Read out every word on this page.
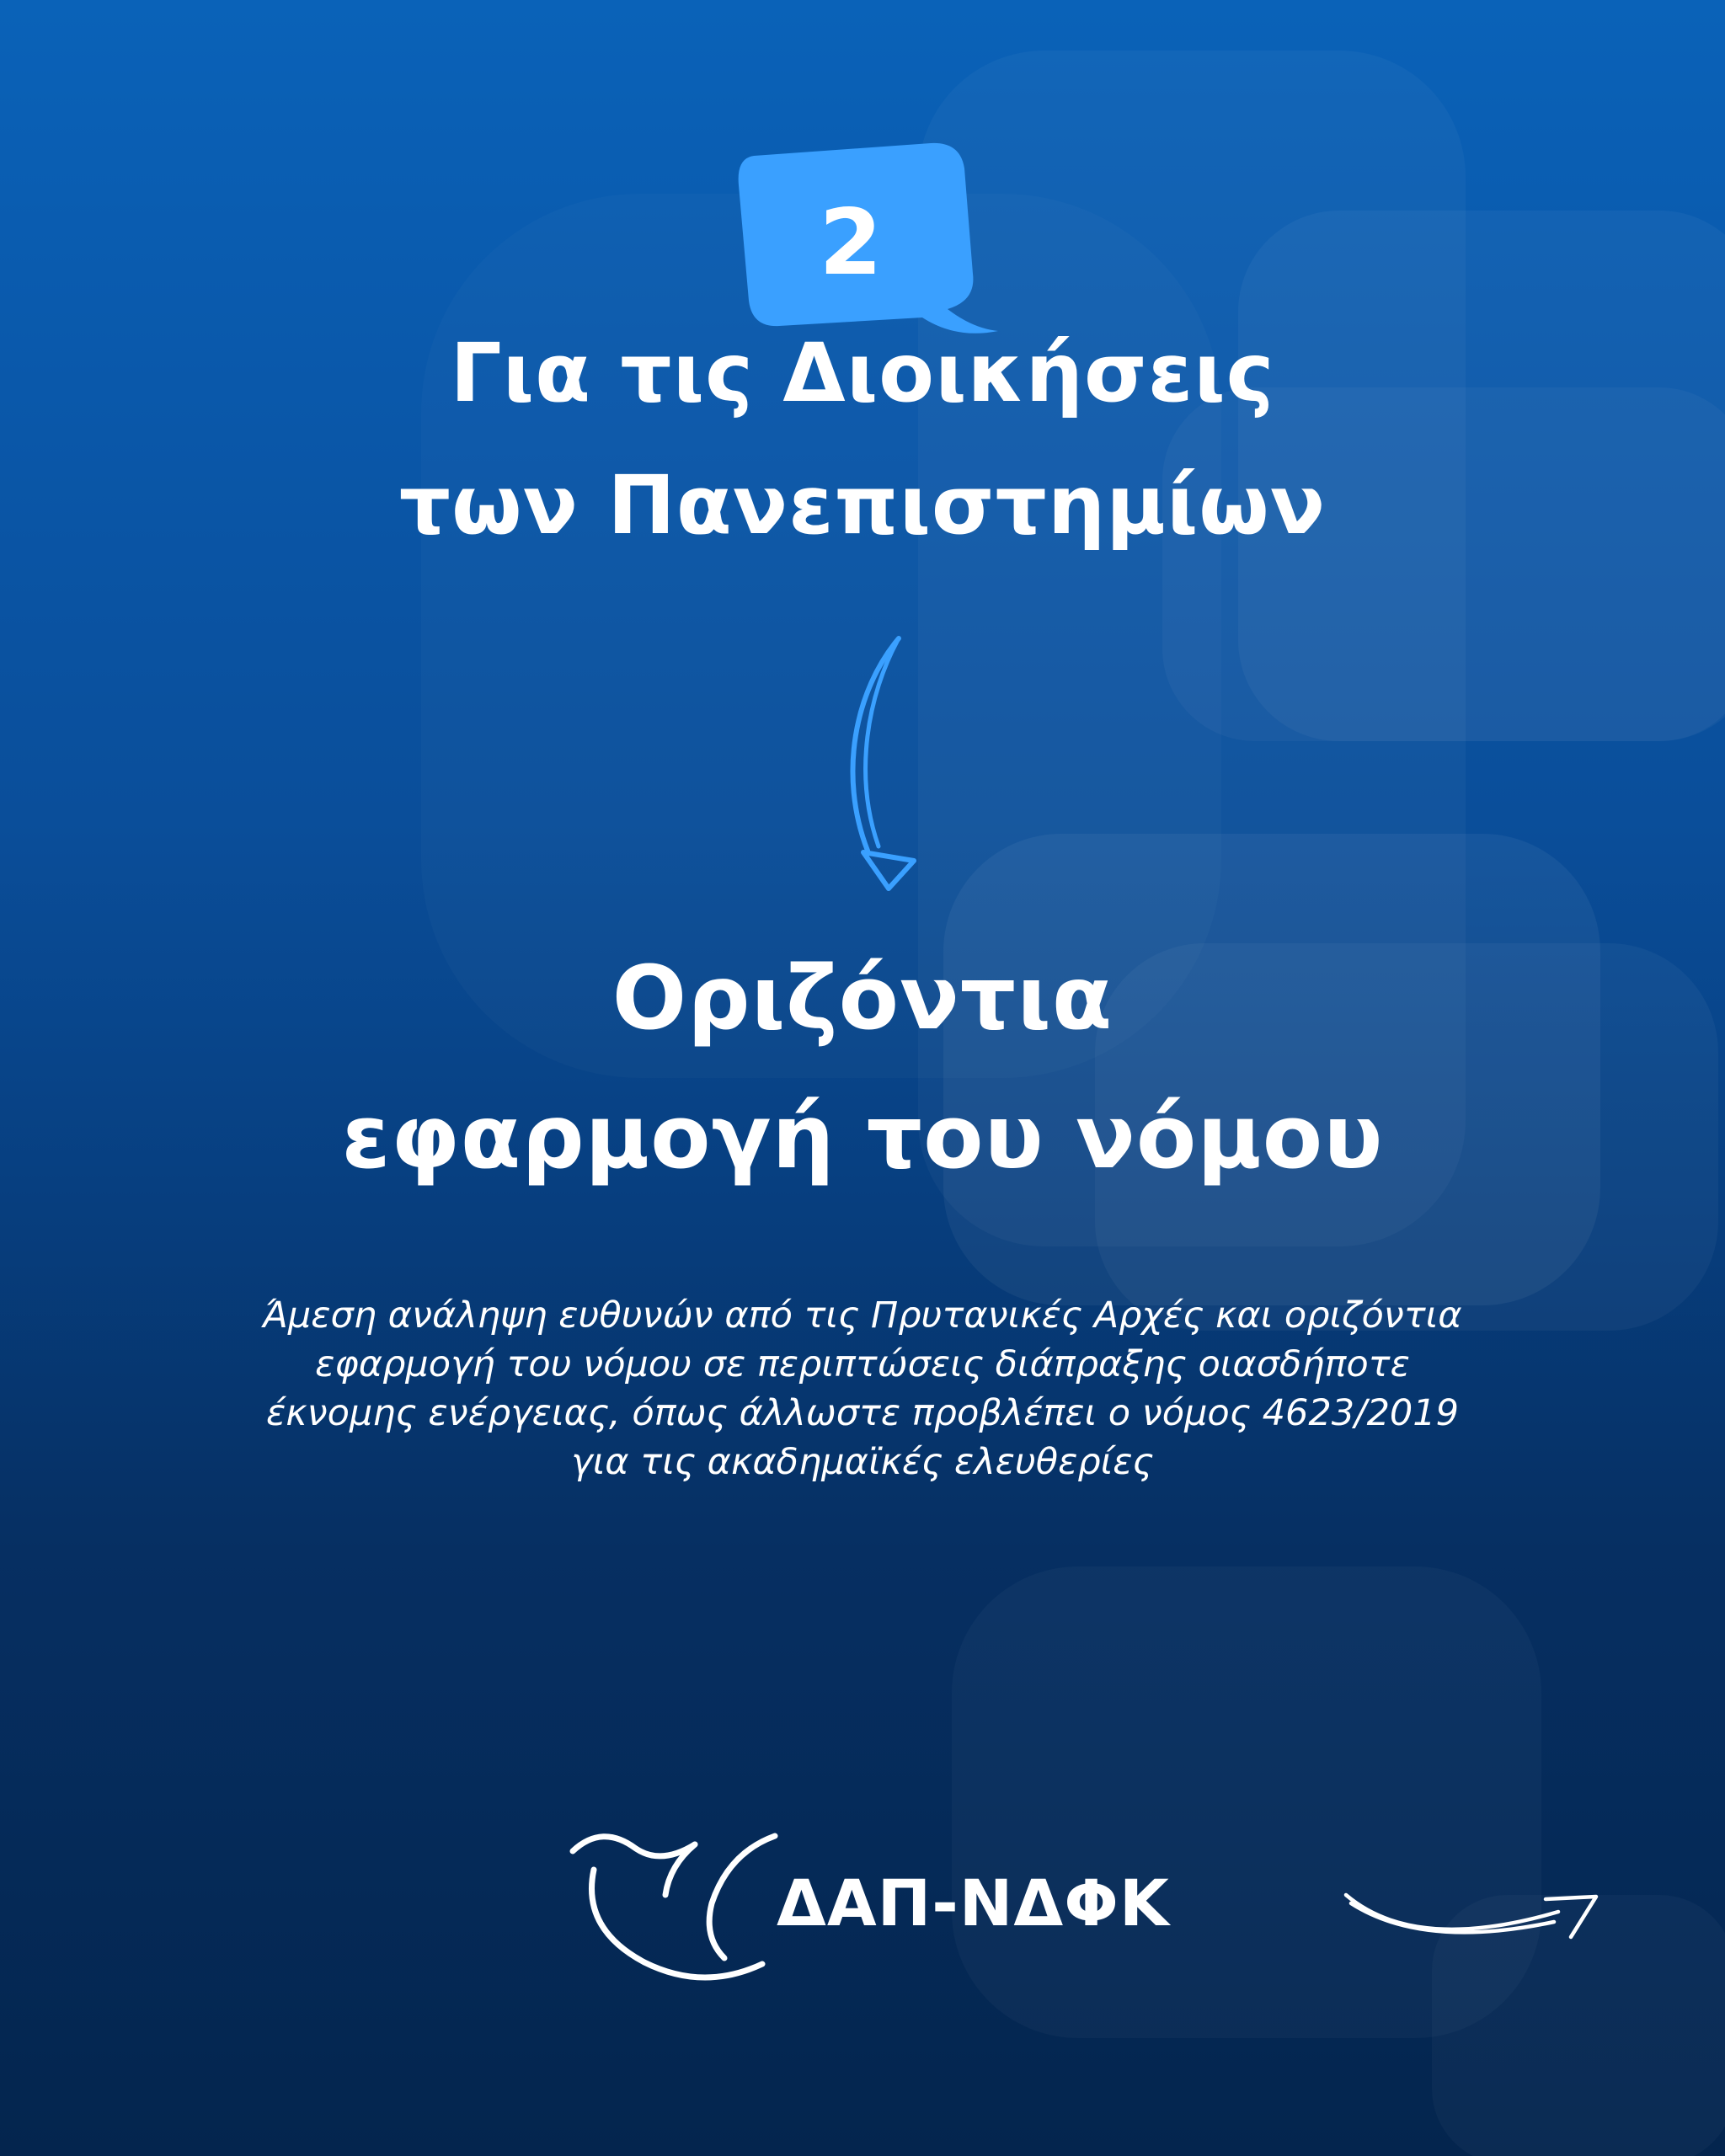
2
Για τις Διοικήσεις
των Πανεπιστημίων
Οριζόντια
εφαρμογή του νόμου

Άμεση ανάληψη ευθυνών από τις Πρυτανικές Αρχές και οριζόντια
εφαρμογή του νόμου σε περιπτώσεις διάπραξης οιασδήποτε
έκνομης ενέργειας, όπως άλλωστε προβλέπει ο νόμος 4623/2019
για τις ακαδημαϊκές ελευθερίες

ΔΑΠ-ΝΔΦΚ
